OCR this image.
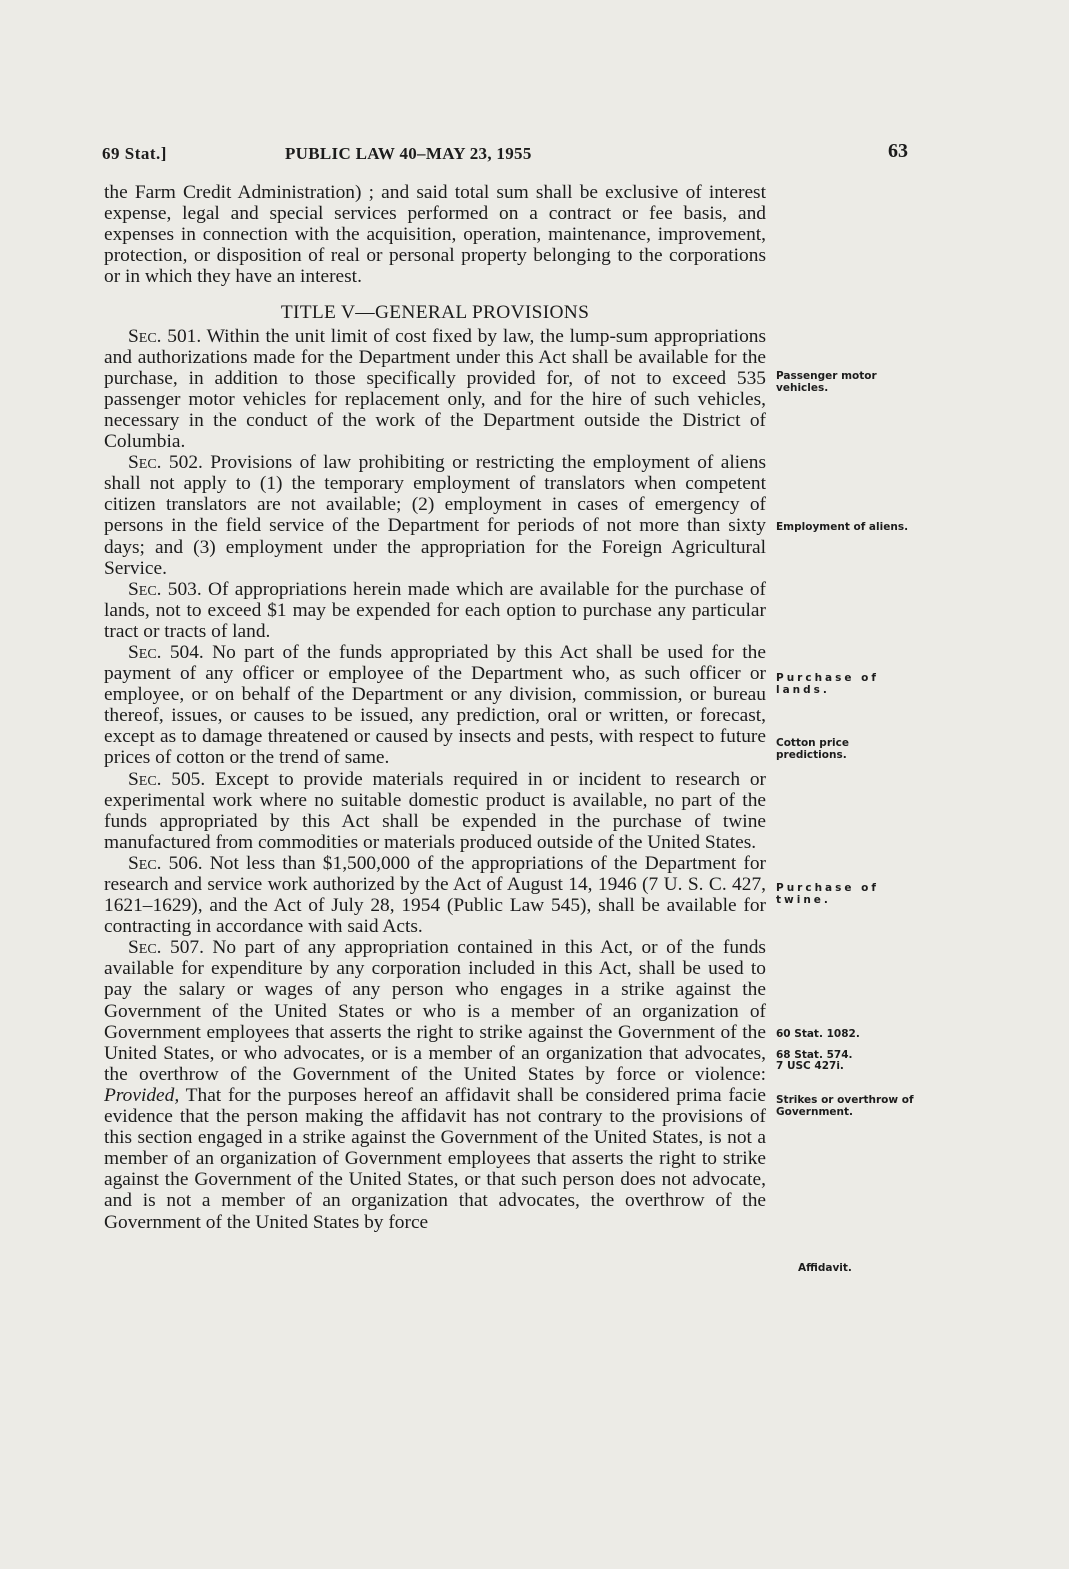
69 Stat.]	PUBLIC LAW 40–MAY 23, 1955	63

the Farm Credit Administration) ; and said total sum shall be exclusive of interest expense, legal and special services performed on a contract or fee basis, and expenses in connection with the acquisition, operation, maintenance, improvement, protection, or disposition of real or personal property belonging to the corporations or in which they have an interest.

TITLE V—GENERAL PROVISIONS

Sec. 501. Within the unit limit of cost fixed by law, the lump-sum appropriations and authorizations made for the Department under this Act shall be available for the purchase, in addition to those specifically provided for, of not to exceed 535 passenger motor vehicles for replacement only, and for the hire of such vehicles, necessary in the conduct of the work of the Department outside the District of Columbia.

Sec. 502. Provisions of law prohibiting or restricting the employment of aliens shall not apply to (1) the temporary employment of translators when competent citizen translators are not available; (2) employment in cases of emergency of persons in the field service of the Department for periods of not more than sixty days; and (3) employment under the appropriation for the Foreign Agricultural Service.

Sec. 503. Of appropriations herein made which are available for the purchase of lands, not to exceed $1 may be expended for each option to purchase any particular tract or tracts of land.

Sec. 504. No part of the funds appropriated by this Act shall be used for the payment of any officer or employee of the Department who, as such officer or employee, or on behalf of the Department or any division, commission, or bureau thereof, issues, or causes to be issued, any prediction, oral or written, or forecast, except as to damage threatened or caused by insects and pests, with respect to future prices of cotton or the trend of same.

Sec. 505. Except to provide materials required in or incident to research or experimental work where no suitable domestic product is available, no part of the funds appropriated by this Act shall be expended in the purchase of twine manufactured from commodities or materials produced outside of the United States.

Sec. 506. Not less than $1,500,000 of the appropriations of the Department for research and service work authorized by the Act of August 14, 1946 (7 U. S. C. 427, 1621–1629), and the Act of July 28, 1954 (Public Law 545), shall be available for contracting in accordance with said Acts.

Sec. 507. No part of any appropriation contained in this Act, or of the funds available for expenditure by any corporation included in this Act, shall be used to pay the salary or wages of any person who engages in a strike against the Government of the United States or who is a member of an organization of Government employees that asserts the right to strike against the Government of the United States, or who advocates, or is a member of an organization that advocates, the overthrow of the Government of the United States by force or violence: Provided, That for the purposes hereof an affidavit shall be considered prima facie evidence that the person making the affidavit has not contrary to the provisions of this section engaged in a strike against the Government of the United States, is not a member of an organization of Government employees that asserts the right to strike against the Government of the United States, or that such person does not advocate, and is not a member of an organization that advocates, the overthrow of the Government of the United States by force

Passenger motor vehicles.
Employment of aliens.
Purchase of lands.
Cotton price predictions.
Purchase of twine.
60 Stat. 1082.
68 Stat. 574.
7 USC 427i.
Strikes or overthrow of Government.
Affidavit.
